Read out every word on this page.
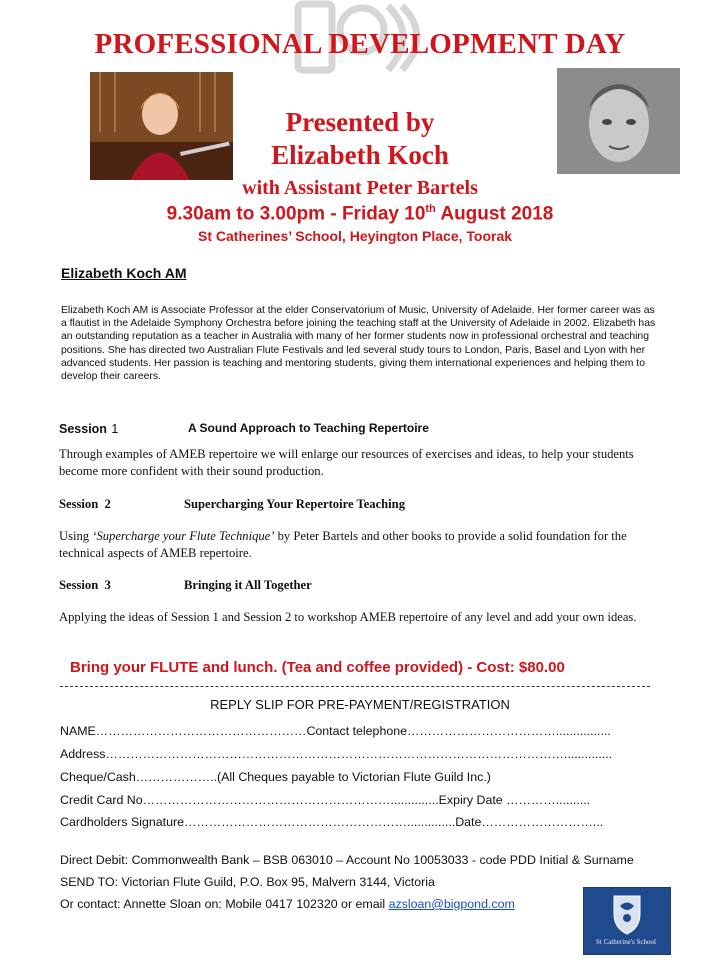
PROFESSIONAL DEVELOPMENT DAY
Presented by
Elizabeth Koch
with Assistant Peter Bartels
9.30am to 3.00pm - Friday 10th August 2018
St Catherines’ School, Heyington Place, Toorak
Elizabeth Koch AM
Elizabeth Koch AM is Associate Professor at the elder Conservatorium of Music, University of Adelaide. Her former career was as a flautist in the Adelaide Symphony Orchestra before joining the teaching staff at the University of Adelaide in 2002. Elizabeth has an outstanding reputation as a teacher in Australia with many of her former students now in professional orchestral and teaching positions. She has directed two Australian Flute Festivals and led several study tours to London, Paris, Basel and Lyon with her advanced students. Her passion is teaching and mentoring students, giving them international experiences and helping them to develop their careers.
Session 1	A Sound Approach to Teaching Repertoire
Through examples of AMEB repertoire we will enlarge our resources of exercises and ideas, to help your students become more confident with their sound production.
Session 2	Supercharging Your Repertoire Teaching
Using ‘Supercharge your Flute Technique’ by Peter Bartels and other books to provide a solid foundation for the technical aspects of AMEB repertoire.
Session 3	Bringing it All Together
Applying the ideas of Session 1 and Session 2 to workshop AMEB repertoire of any level and add your own ideas.
Bring your FLUTE and lunch. (Tea and coffee provided) - Cost: $80.00
REPLY SLIP FOR PRE-PAYMENT/REGISTRATION
NAME……………………………………………Contact telephone………………………………................
Address…………………………………………………………………………………………………..............
Cheque/Cash………………..(All Cheques payable to Victorian Flute Guild Inc.)
Credit Card No……………………………………………………..............Expiry Date …………..........
Cardholders Signature………………………………………………..............Date………………………...
Direct Debit: Commonwealth Bank – BSB 063010 – Account No 10053033 - code PDD Initial & Surname
SEND TO: Victorian Flute Guild, P.O. Box 95, Malvern 3144, Victoria
Or contact: Annette Sloan on: Mobile 0417 102320 or email azsloan@bigpond.com
St Catherine's School
